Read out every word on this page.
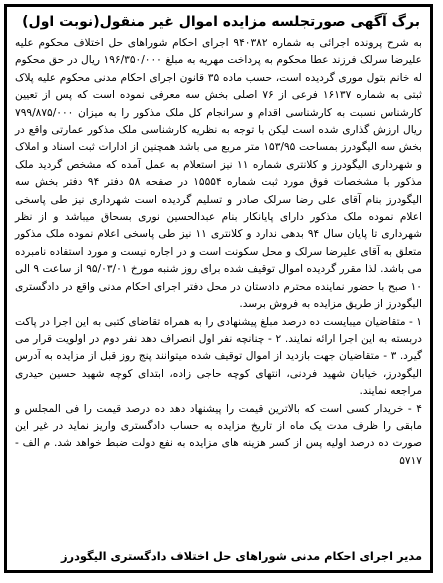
برگ آگهی صورتجلسه مزایده اموال غیر منقول(نوبت اول)

به شرح پرونده اجرائی به شماره ۹۴۰۳۸۲ اجرای احکام شوراهای حل اختلاف محکوم علیه علیرضا سرلک فرزند عطا محکوم به پرداخت مهریه به مبلغ ۱۹۶/۳۵۰/۰۰۰ ریال در حق محکوم له خانم بتول موری گردیده است، حسب ماده ۳۵ قانون اجرای احکام مدنی محکوم علیه پلاک ثبتی به شماره ۱۶۱۳۷ فرعی از ۷۶ اصلی بخش سه معرفی نموده است که پس از تعیین کارشناس نسبت به کارشناسی اقدام و سرانجام کل ملک مذکور را به میزان ۷۹۹/۸۷۵/۰۰۰ ریال ارزش گذاری شده است لیکن با توجه به نظریه کارشناسی ملک مذکور عمارتی واقع در بخش سه الیگودرز بمساحت ۱۵۳/۹۵ متر مربع می باشد همچنین از ادارات ثبت اسناد و املاک و شهرداری الیگودرز و کلانتری شماره ۱۱ نیز استعلام به عمل آمده که مشخص گردید ملک مذکور با مشخصات فوق مورد ثبت شماره ۱۵۵۵۴ در صفحه ۵۸ دفتر ۹۴ دفتر بخش سه الیگودرز بنام آقای علی رضا سرلک صادر و تسلیم گردیده است شهرداری نیز طی پاسخی اعلام نموده ملک مذکور دارای پایانکار بنام عبدالحسین نوری بسحاق میباشد و از نظر شهرداری تا پایان سال ۹۴ بدهی ندارد و کلانتری ۱۱ نیز طی پاسخی اعلام نموده ملک مذکور متعلق به آقای علیرضا سرلک و محل سکونت است و در اجاره نیست و مورد استفاده نامبرده می باشد. لذا مقرر گردیده اموال توقیف شده برای روز شنبه مورخ ۹۵/۰۳/۰۱ از ساعت ۹ الی ۱۰ صبح با حضور نماینده محترم دادستان در محل دفتر اجرای احکام مدنی واقع در دادگستری الیگودرز از طریق مزایده به فروش برسد.

۱ - متقاضیان میبایست ده درصد مبلغ پیشنهادی را به همراه تقاضای کتبی به این اجرا در پاکت دربسته به این اجرا ارائه نمایند. ۲ - چنانچه نفر اول انصراف دهد نفر دوم در اولویت قرار می گیرد. ۳ - متقاضیان جهت بازدید از اموال توقیف شده میتوانند پنج روز قبل از مزایده به آدرس الیگودرز، خیابان شهید فردنی، انتهای کوچه حاجی زاده، ابتدای کوچه شهید حسین حیدری مراجعه نمایند.

۴ - خریدار کسی است که بالاترین قیمت را پیشنهاد دهد ده درصد قیمت را فی المجلس و مابقی را ظرف مدت یک ماه از تاریخ مزایده به حساب دادگستری واریز نماید در غیر این صورت ده درصد اولیه پس از کسر هزینه های مزایده به نفع دولت ضبط خواهد شد. م الف - ۵۷۱۷

مدیر اجرای احکام مدنی شوراهای حل اختلاف دادگستری الیگودرز
